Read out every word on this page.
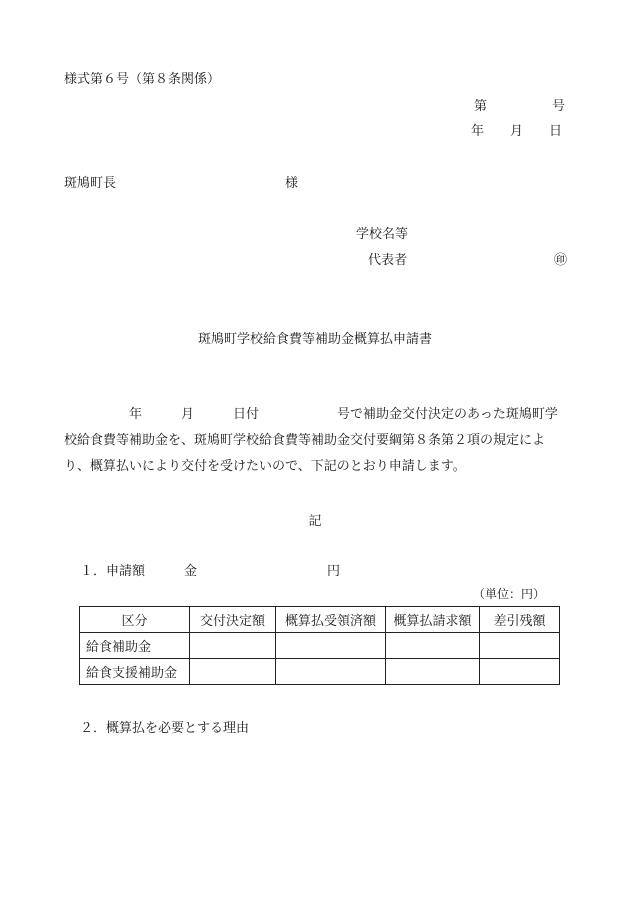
様式第６号（第８条関係）
第　　　　　号
年　　月　　日
斑鳩町長　　　　　　　　　　　　　様
学校名等
代表者	㊞
斑鳩町学校給食費等補助金概算払申請書
　　　　　年　　　月　　　日付　　　　　　号で補助金交付決定のあった斑鳩町学校給食費等補助金を、斑鳩町学校給食費等補助金交付要綱第８条第２項の規定により、概算払いにより交付を受けたいので、下記のとおり申請します。
記
１．申請額　　　金　　　　　　　　　　円
（単位：円）
区分	交付決定額	概算払受領済額	概算払請求額	差引残額
給食補助金				
給食支援補助金				
２．概算払を必要とする理由
